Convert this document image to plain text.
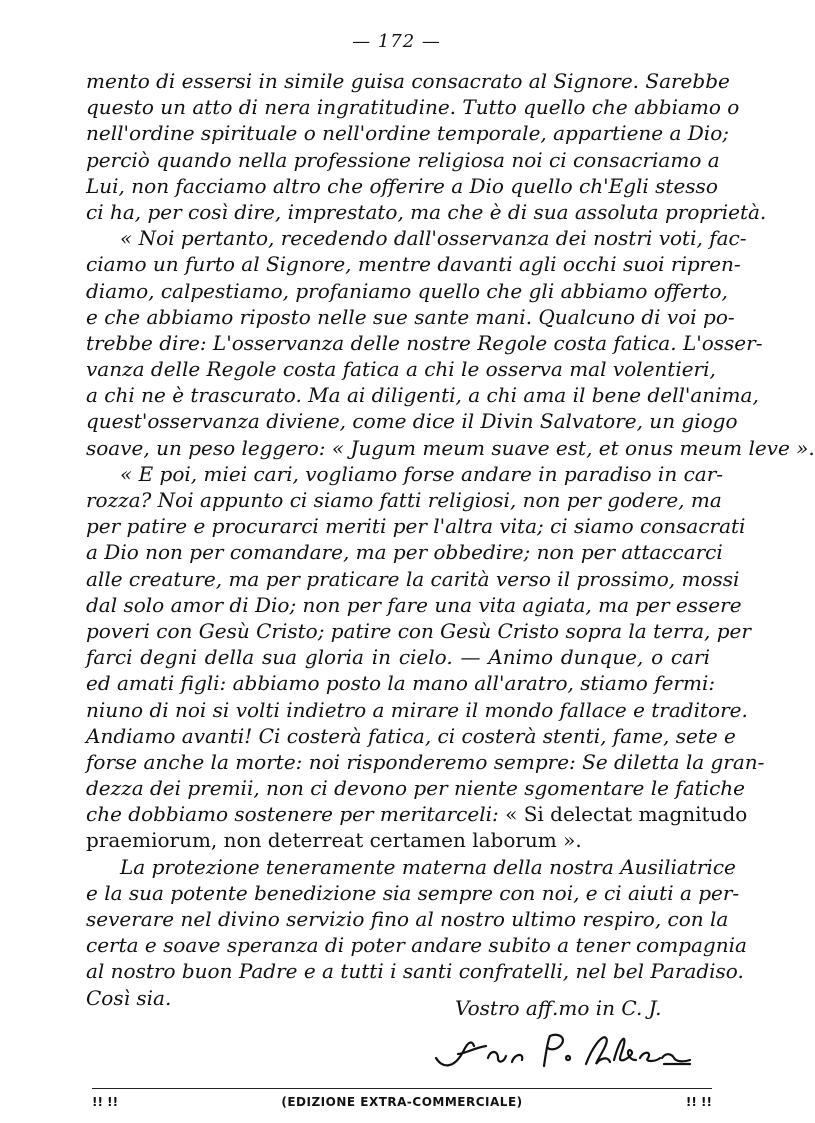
— 172 —
mento di essersi in simile guisa consacrato al Signore. Sarebbe
questo un atto di nera ingratitudine. Tutto quello che abbiamo o
nell'ordine spirituale o nell'ordine temporale, appartiene a Dio;
perciò quando nella professione religiosa noi ci consacriamo a
Lui, non facciamo altro che offerire a Dio quello ch'Egli stesso
ci ha, per così dire, imprestato, ma che è di sua assoluta proprietà.
« Noi pertanto, recedendo dall'osservanza dei nostri voti, fac-
ciamo un furto al Signore, mentre davanti agli occhi suoi ripren-
diamo, calpestiamo, profaniamo quello che gli abbiamo offerto,
e che abbiamo riposto nelle sue sante mani. Qualcuno di voi po-
trebbe dire: L'osservanza delle nostre Regole costa fatica. L'osser-
vanza delle Regole costa fatica a chi le osserva mal volentieri,
a chi ne è trascurato. Ma ai diligenti, a chi ama il bene dell'anima,
quest'osservanza diviene, come dice il Divin Salvatore, un giogo
soave, un peso leggero: « Jugum meum suave est, et onus meum leve ».
« E poi, miei cari, vogliamo forse andare in paradiso in car-
rozza? Noi appunto ci siamo fatti religiosi, non per godere, ma
per patire e procurarci meriti per l'altra vita; ci siamo consacrati
a Dio non per comandare, ma per obbedire; non per attaccarci
alle creature, ma per praticare la carità verso il prossimo, mossi
dal solo amor di Dio; non per fare una vita agiata, ma per essere
poveri con Gesù Cristo; patire con Gesù Cristo sopra la terra, per
farci degni della sua gloria in cielo. — Animo dunque, o cari
ed amati figli: abbiamo posto la mano all'aratro, stiamo fermi:
niuno di noi si volti indietro a mirare il mondo fallace e traditore.
Andiamo avanti! Ci costerà fatica, ci costerà stenti, fame, sete e
forse anche la morte: noi risponderemo sempre: Se diletta la gran-
dezza dei premii, non ci devono per niente sgomentare le fatiche
che dobbiamo sostenere per meritarceli: « Si delectat magnitudo
praemiorum, non deterreat certamen laborum ».
La protezione teneramente materna della nostra Ausiliatrice
e la sua potente benedizione sia sempre con noi, e ci aiuti a per-
severare nel divino servizio fino al nostro ultimo respiro, con la
certa e soave speranza di poter andare subito a tener compagnia
al nostro buon Padre e a tutti i santi confratelli, nel bel Paradiso.
Così sia.	Vostro aff.mo in C. J.
!! !!	(EDIZIONE EXTRA-COMMERCIALE)	!! !!
